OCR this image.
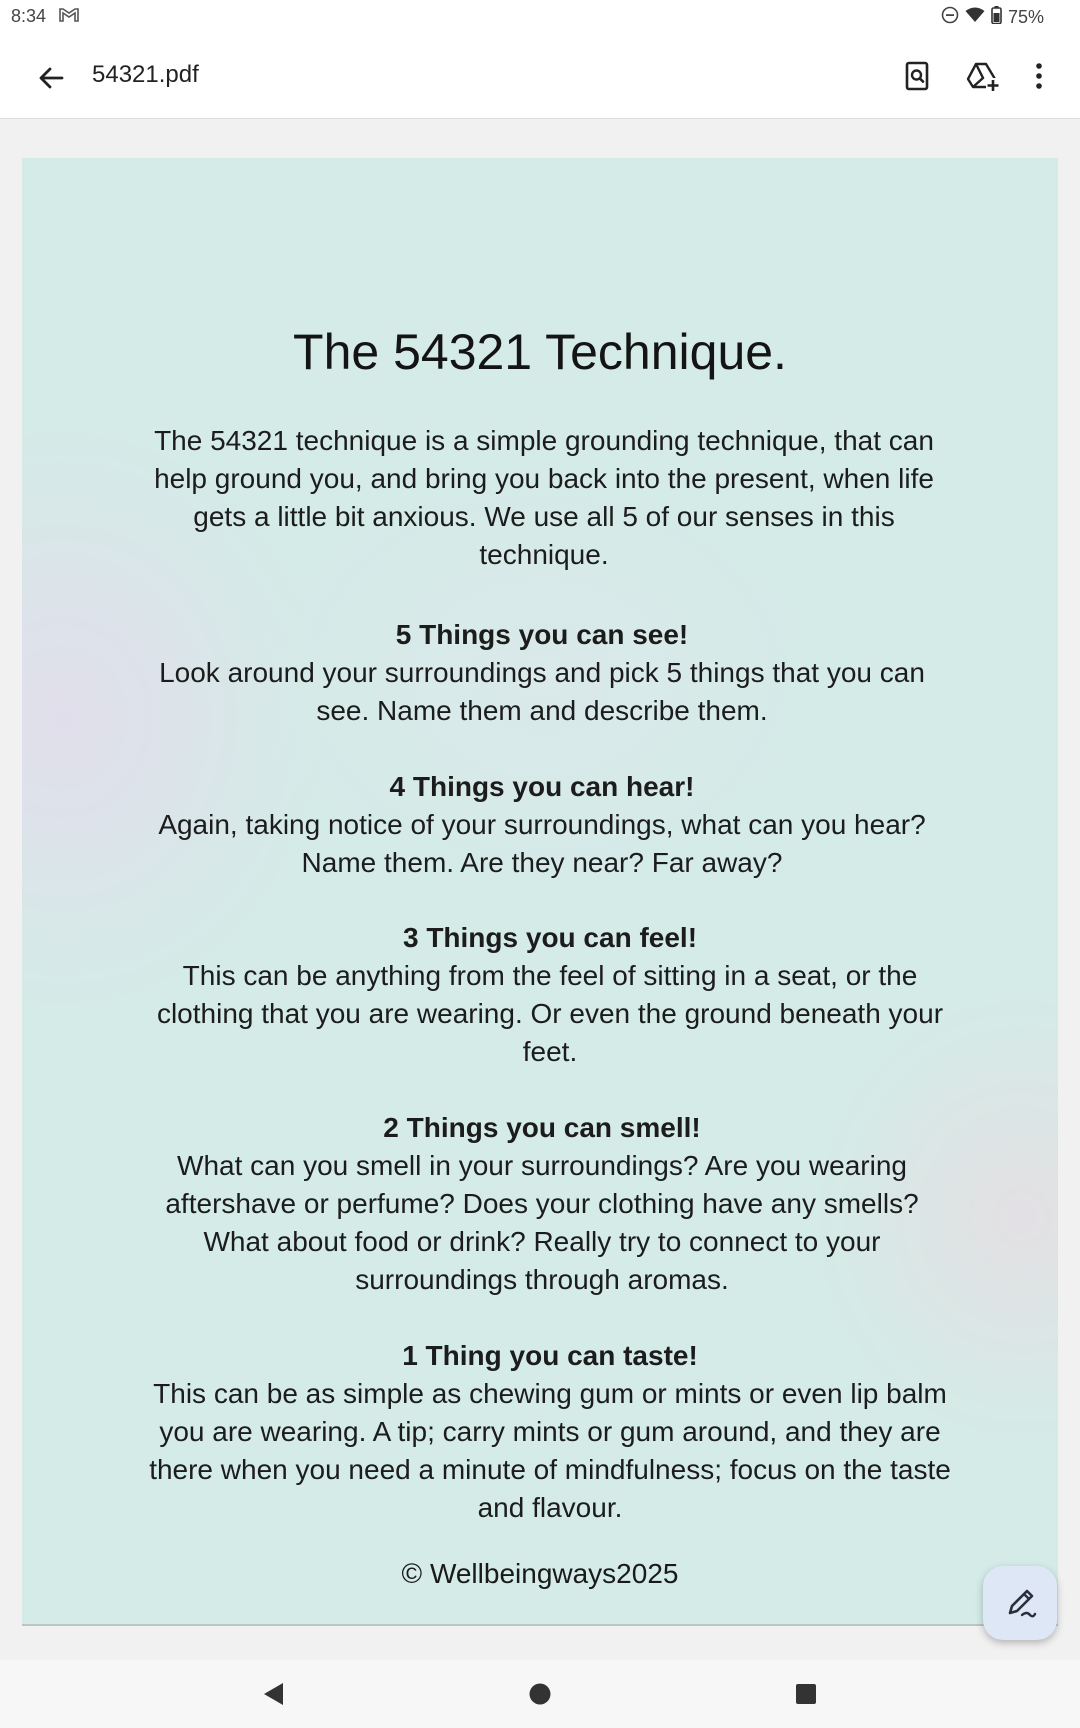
8:34	75%
54321.pdf
The 54321 Technique.
The 54321 technique is a simple grounding technique, that can help ground you, and bring you back into the present, when life gets a little bit anxious. We use all 5 of our senses in this technique.
5 Things you can see!
Look around your surroundings and pick 5 things that you can see. Name them and describe them.
4 Things you can hear!
Again, taking notice of your surroundings, what can you hear? Name them. Are they near? Far away?
3 Things you can feel!
This can be anything from the feel of sitting in a seat, or the clothing that you are wearing. Or even the ground beneath your feet.
2 Things you can smell!
What can you smell in your surroundings? Are you wearing aftershave or perfume? Does your clothing have any smells? What about food or drink? Really try to connect to your surroundings through aromas.
1 Thing you can taste!
This can be as simple as chewing gum or mints or even lip balm you are wearing. A tip; carry mints or gum around, and they are there when you need a minute of mindfulness; focus on the taste and flavour.
© Wellbeingways2025
